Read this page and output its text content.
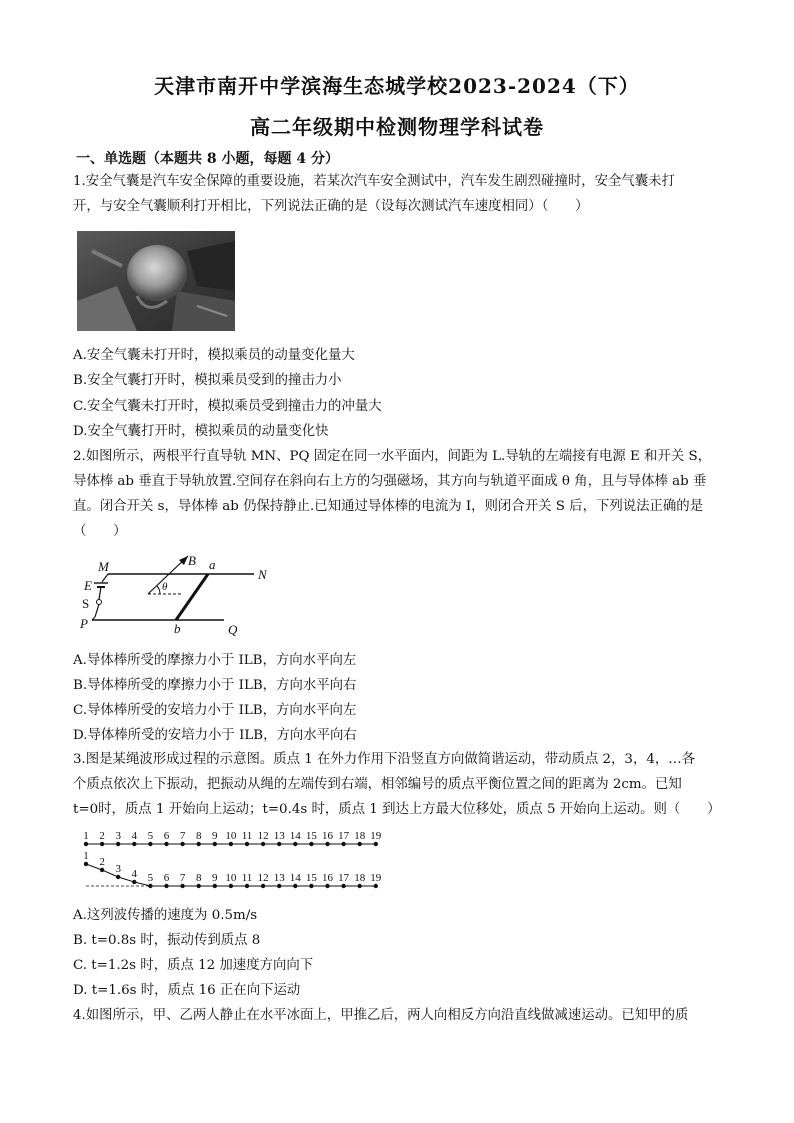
天津市南开中学滨海生态城学校2023-2024（下）
高二年级期中检测物理学科试卷
一、单选题（本题共 8 小题，每题 4 分）
1.安全气囊是汽车安全保障的重要设施，若某次汽车安全测试中，汽车发生剧烈碰撞时，安全气囊未打
开，与安全气囊顺利打开相比，下列说法正确的是（设每次测试汽车速度相同）（　　）
A.安全气囊未打开时，模拟乘员的动量变化量大
B.安全气囊打开时，模拟乘员受到的撞击力小
C.安全气囊未打开时，模拟乘员受到撞击力的冲量大
D.安全气囊打开时，模拟乘员的动量变化快
2.如图所示，两根平行直导轨 MN、PQ 固定在同一水平面内，间距为 L.导轨的左端接有电源 E 和开关 S，
导体棒 ab 垂直于导轨放置.空间存在斜向右上方的匀强磁场，其方向与轨道平面成 θ 角，且与导体棒 ab 垂
直。闭合开关 s，导体棒 ab 仍保持静止.已知通过导体棒的电流为 I，则闭合开关 S 后，下列说法正确的是
（　　）
θ
M
N
P	Q
E
S
B a
b
A.导体棒所受的摩擦力小于 ILB，方向水平向左
B.导体棒所受的摩擦力小于 ILB，方向水平向右
C.导体棒所受的安培力小于 ILB，方向水平向左
D.导体棒所受的安培力小于 ILB，方向水平向右
3.图是某绳波形成过程的示意图。质点 1 在外力作用下沿竖直方向做简谐运动，带动质点 2，3，4，…各
个质点依次上下振动，把振动从绳的左端传到右端，相邻编号的质点平衡位置之间的距离为 2cm。已知
t=0时，质点 1 开始向上运动；t=0.4s 时，质点 1 到达上方最大位移处，质点 5 开始向上运动。则（　　）
1 2 3 4 5 6 7 8 9 10 11 12 13 14 15 16 17 18 19
1 2
3 4 5 6 7 8 9 10 11 12 13 14 15 16 17 18 19
A.这列波传播的速度为 0.5m/s
B. t=0.8s 时，振动传到质点 8
C. t=1.2s 时，质点 12 加速度方向向下
D. t=1.6s 时，质点 16 正在向下运动
4.如图所示，甲、乙两人静止在水平冰面上，甲推乙后，两人向相反方向沿直线做减速运动。已知甲的质
